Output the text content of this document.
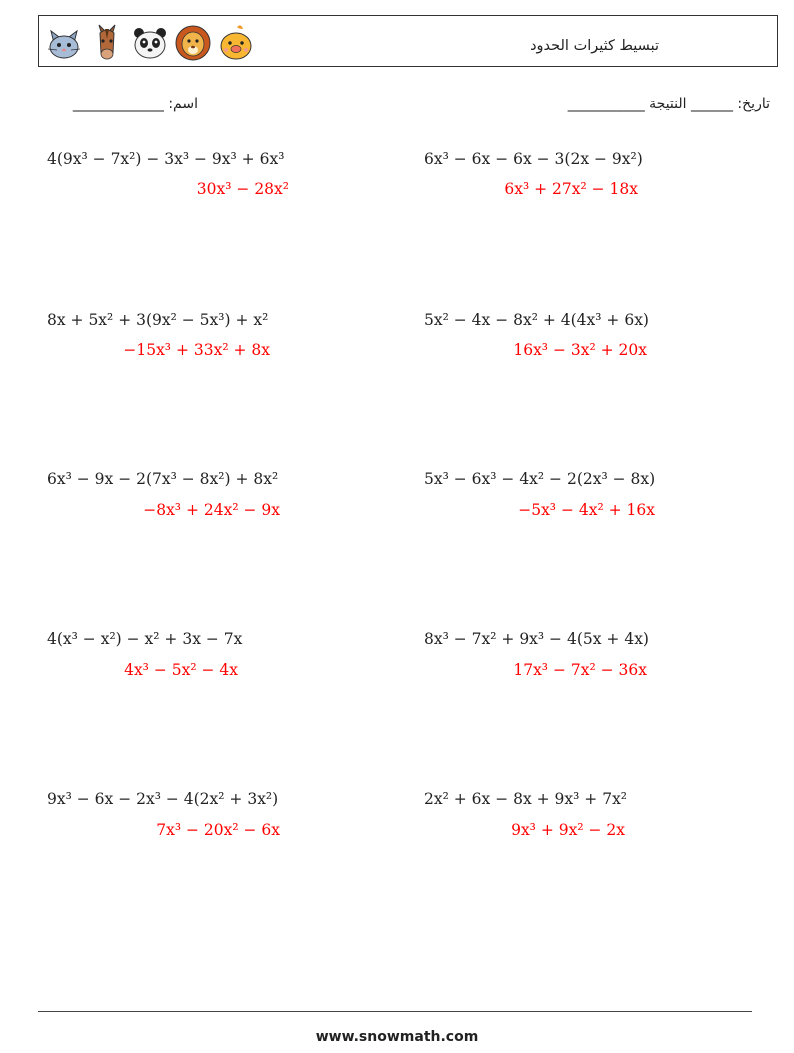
تبسيط كثيرات الحدود
اسم: _____________	تاريخ: ______ النتيجة ___________
4(9x³ − 7x²) − 3x³ − 9x³ + 6x³
30x³ − 28x²
6x³ − 6x − 6x − 3(2x − 9x²)
6x³ + 27x² − 18x
8x + 5x² + 3(9x² − 5x³) + x²
−15x³ + 33x² + 8x
5x² − 4x − 8x² + 4(4x³ + 6x)
16x³ − 3x² + 20x
6x³ − 9x − 2(7x³ − 8x²) + 8x²
−8x³ + 24x² − 9x
5x³ − 6x³ − 4x² − 2(2x³ − 8x)
−5x³ − 4x² + 16x
4(x³ − x²) − x² + 3x − 7x
4x³ − 5x² − 4x
8x³ − 7x² + 9x³ − 4(5x + 4x)
17x³ − 7x² − 36x
9x³ − 6x − 2x³ − 4(2x² + 3x²)
7x³ − 20x² − 6x
2x² + 6x − 8x + 9x³ + 7x²
9x³ + 9x² − 2x
www.snowmath.com
